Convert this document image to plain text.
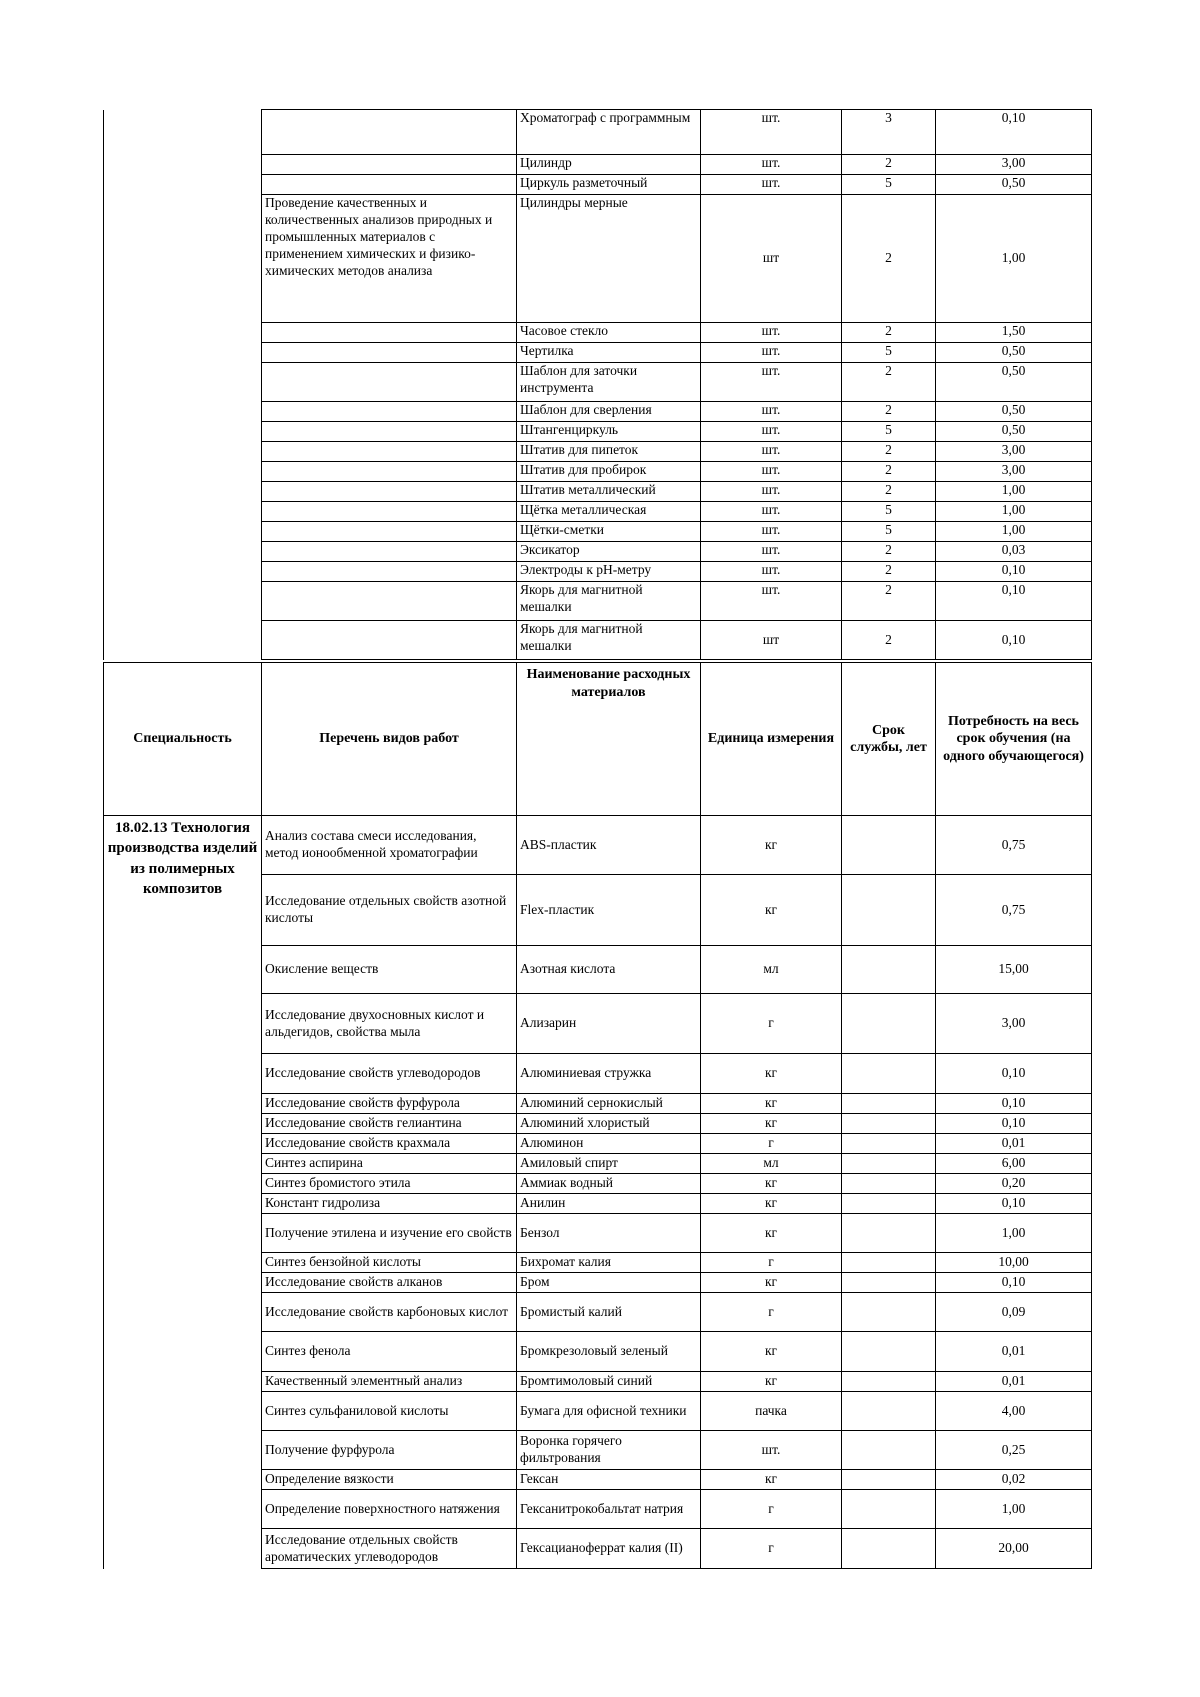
		Хроматограф с программным	шт.	3	0,10
		Цилиндр	шт.	2	3,00
		Циркуль разметочный	шт.	5	0,50
	Проведение качественных и количественных анализов природных и промышленных материалов с применением химических и физико-химических методов анализа	Цилиндры мерные	шт	2	1,00
		Часовое стекло	шт.	2	1,50
		Чертилка	шт.	5	0,50
		Шаблон для заточки инструмента	шт.	2	0,50
		Шаблон для сверления	шт.	2	0,50
		Штангенциркуль	шт.	5	0,50
		Штатив для пипеток	шт.	2	3,00
		Штатив для пробирок	шт.	2	3,00
		Штатив металлический	шт.	2	1,00
		Щётка металлическая	шт.	5	1,00
		Щётки-сметки	шт.	5	1,00
		Эксикатор	шт.	2	0,03
		Электроды к pH-метру	шт.	2	0,10
		Якорь для магнитной мешалки	шт.	2	0,10
		Якорь для магнитной мешалки	шт	2	0,10
Специальность	Перечень видов работ	Наименование расходных материалов	Единица измерения	Срок службы, лет	Потребность на весь срок обучения (на одного обучающегося)
18.02.13 Технология производства изделий из полимерных композитов	Анализ состава смеси исследования, метод ионообменной хроматографии	ABS-пластик	кг		0,75
	Исследование отдельных свойств азотной кислоты	Flex-пластик	кг		0,75
	Окисление веществ	Азотная кислота	мл		15,00
	Исследование двухосновных кислот и альдегидов, свойства мыла	Ализарин	г		3,00
	Исследование свойств углеводородов	Алюминиевая стружка	кг		0,10
	Исследование свойств фурфурола	Алюминий сернокислый	кг		0,10
	Исследование свойств гелиантина	Алюминий хлористый	кг		0,10
	Исследование свойств крахмала	Алюминон	г		0,01
	Синтез аспирина	Амиловый спирт	мл		6,00
	Синтез бромистого этила	Аммиак водный	кг		0,20
	Констант гидролиза	Анилин	кг		0,10
	Получение этилена и изучение его свойств	Бензол	кг		1,00
	Синтез бензойной кислоты	Бихромат калия	г		10,00
	Исследование свойств алканов	Бром	кг		0,10
	Исследование свойств карбоновых кислот	Бромистый калий	г		0,09
	Синтез фенола	Бромкрезоловый зеленый	кг		0,01
	Качественный элементный анализ	Бромтимоловый синий	кг		0,01
	Синтез сульфаниловой кислоты	Бумага для офисной техники	пачка		4,00
	Получение фурфурола	Воронка горячего фильтрования	шт.		0,25
	Определение вязкости	Гексан	кг		0,02
	Определение поверхностного натяжения	Гексанитрокобальтат натрия	г		1,00
	Исследование отдельных свойств ароматических углеводородов	Гексацианоферрат калия (II)	г		20,00
